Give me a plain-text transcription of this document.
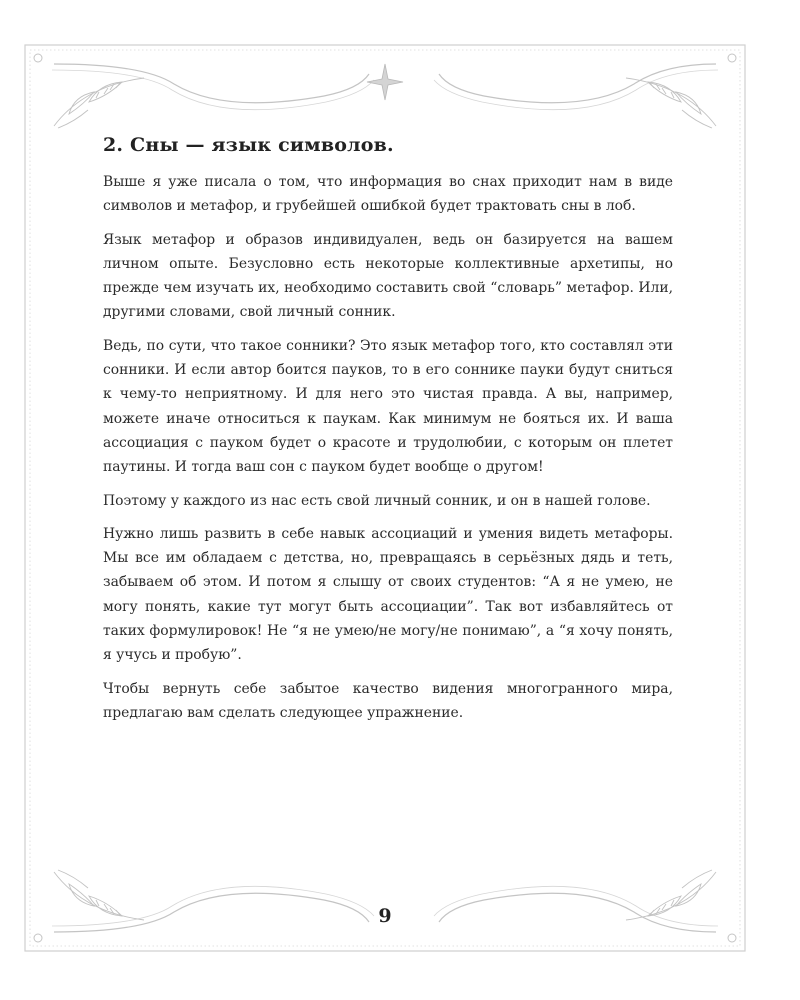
2. Сны — язык символов.

Выше я уже писала о том, что информация во снах приходит нам в виде символов и метафор, и грубейшей ошибкой будет трактовать сны в лоб.

Язык метафор и образов индивидуален, ведь он базируется на вашем личном опыте. Безусловно есть некоторые коллективные архетипы, но прежде чем изучать их, необходимо составить свой “словарь” метафор. Или, другими словами, свой личный сонник.

Ведь, по сути, что такое сонники? Это язык метафор того, кто составлял эти сонники. И если автор боится пауков, то в его соннике пауки будут сниться к чему-то неприятному. И для него это чистая правда. А вы, например, можете иначе относиться к паукам. Как минимум не бояться их. И ваша ассоциация с пауком будет о красоте и трудолюбии, с которым он плетет паутины. И тогда ваш сон с пауком будет вообще о другом!

Поэтому у каждого из нас есть свой личный сонник, и он в нашей голове.

Нужно лишь развить в себе навык ассоциаций и умения видеть метафоры. Мы все им обладаем с детства, но, превращаясь в серьёзных дядь и теть, забываем об этом. И потом я слышу от своих студентов: “А я не умею, не могу понять, какие тут могут быть ассоциации”. Так вот избавляйтесь от таких формулировок! Не “я не умею/не могу/не понимаю”, а “я хочу понять, я учусь и пробую”.

Чтобы вернуть себе забытое качество видения многогранного мира, предлагаю вам сделать следующее упражнение.

9
